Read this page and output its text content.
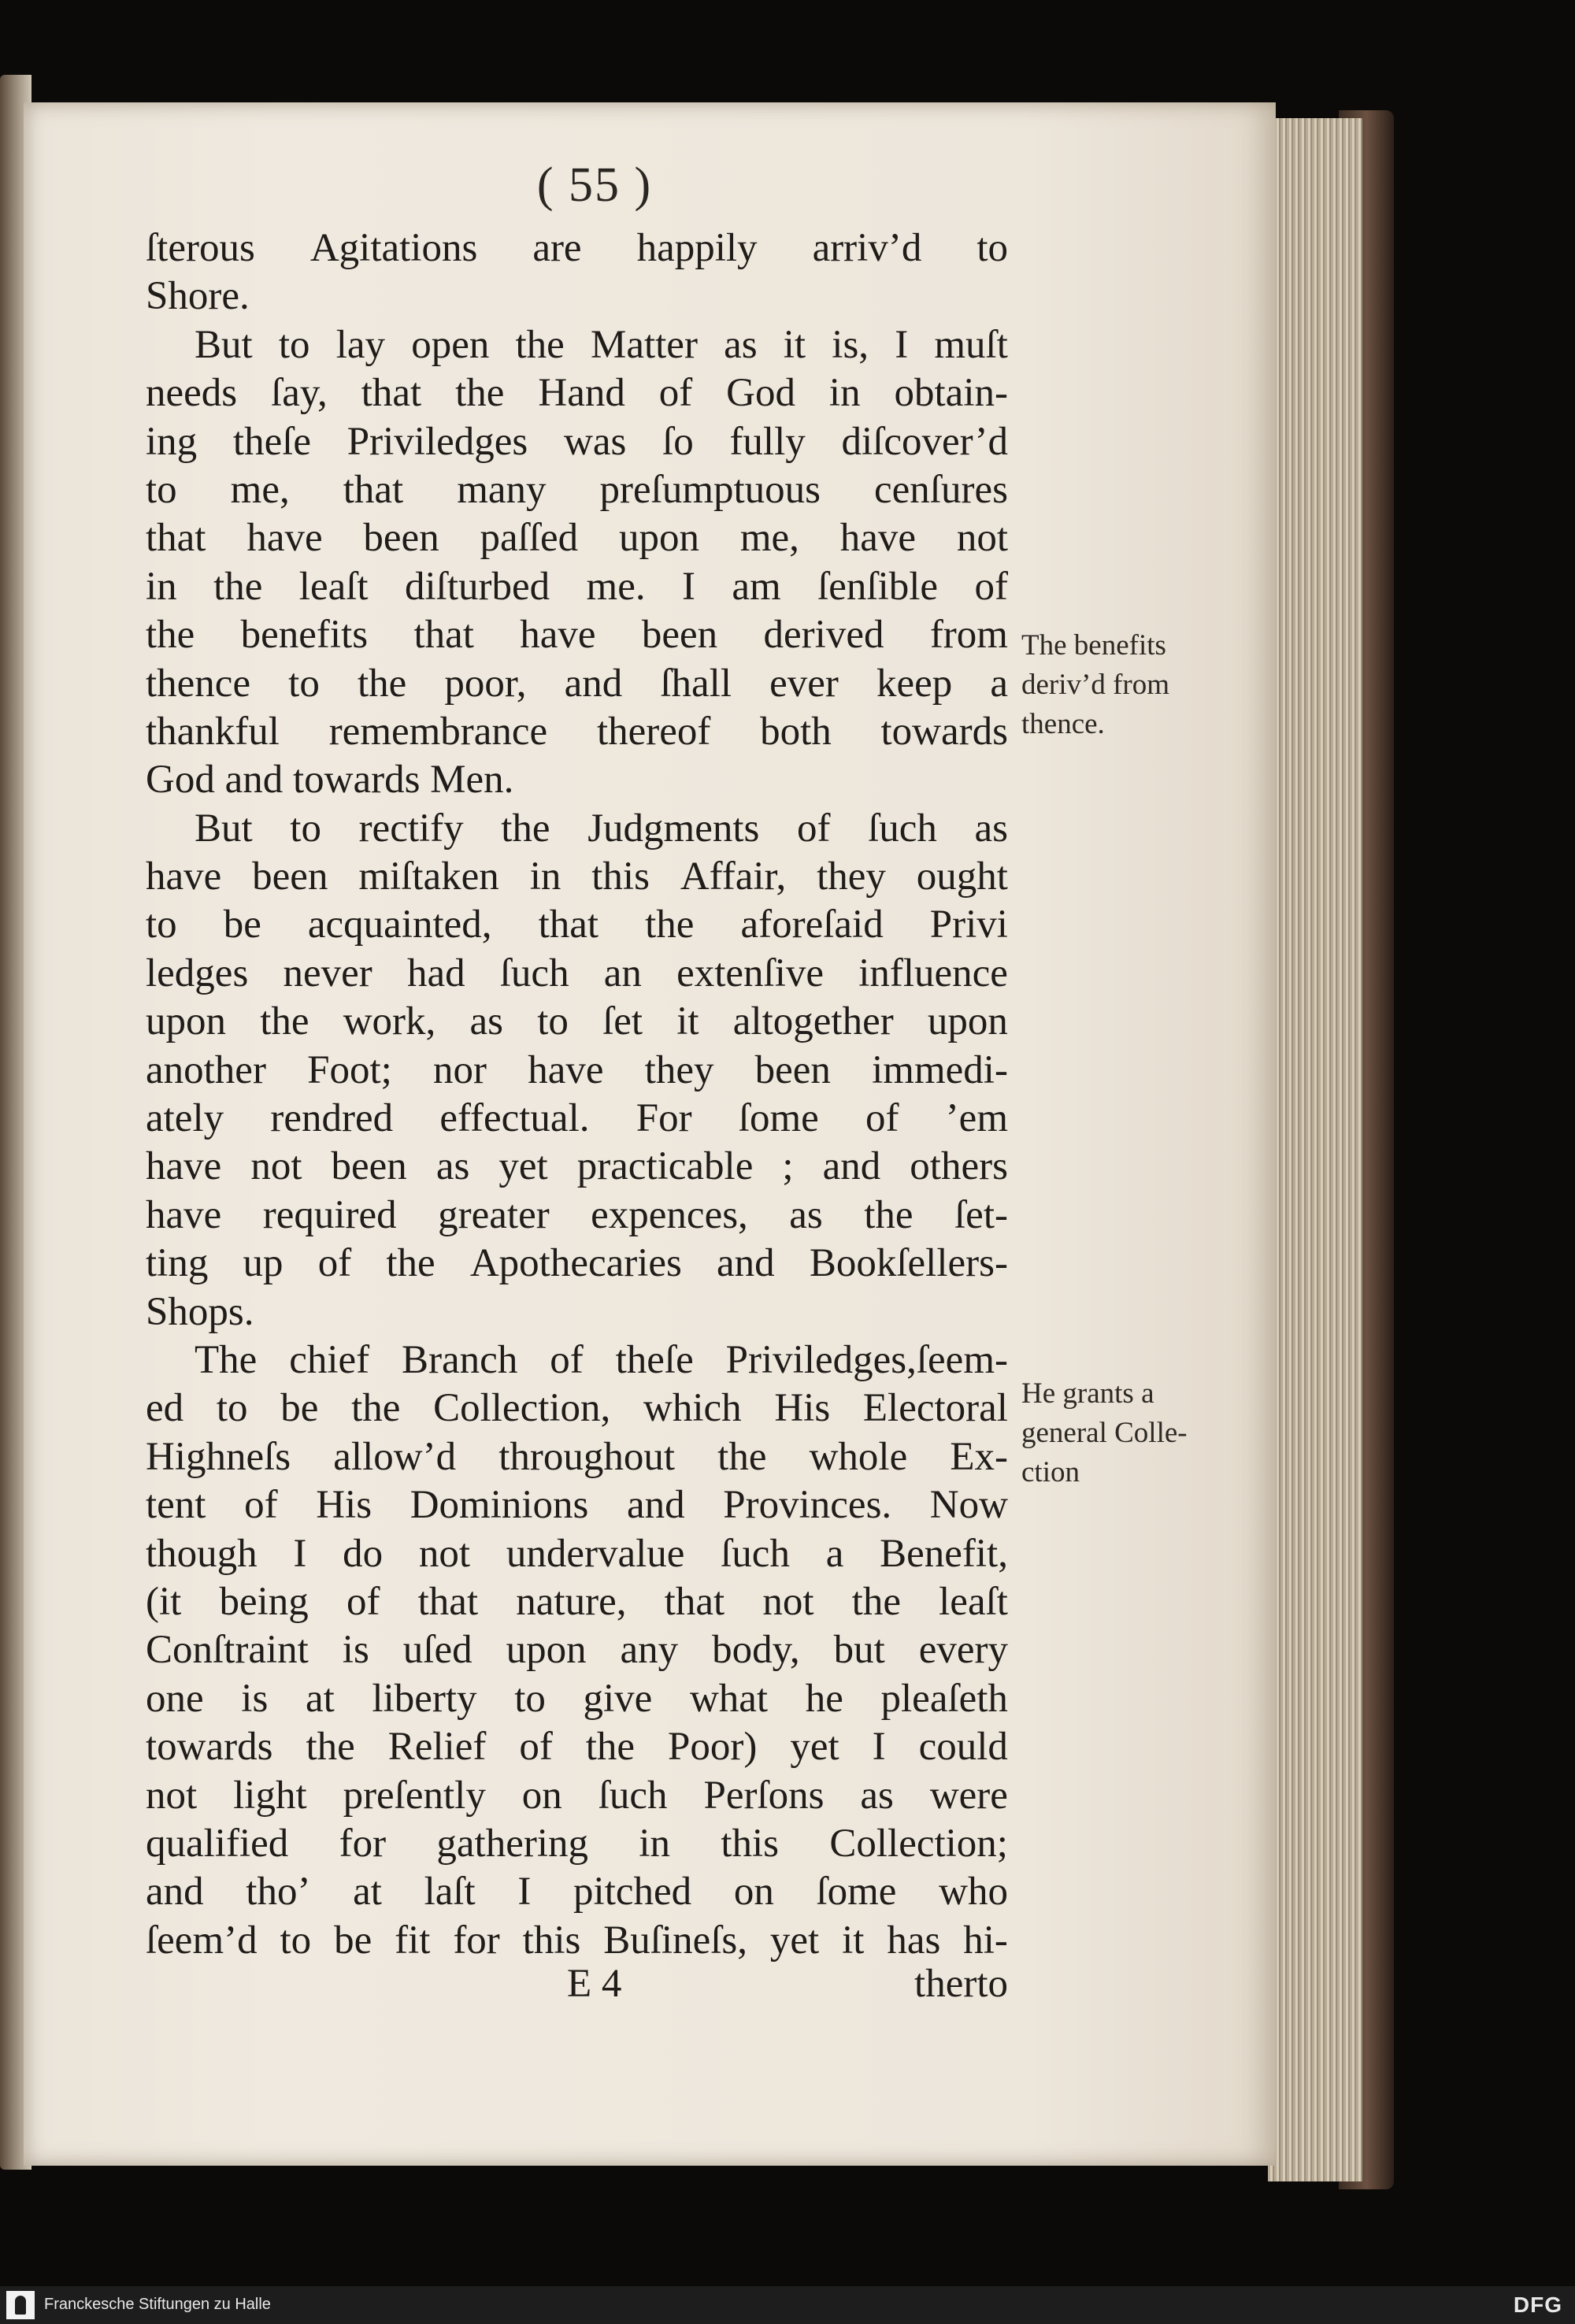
( 55 )
ſterous Agitations are happily arriv’d to
Shore.
But to lay open the Matter as it is, I muſt
needs ſay, that the Hand of God in obtain-
ing theſe Priviledges was ſo fully diſcover’d
to me, that many preſumptuous cenſures
that have been paſſed upon me, have not
in the leaſt diſturbed me. I am ſenſible of
the benefits that have been derived from
thence to the poor, and ſhall ever keep a
thankful remembrance thereof both towards
God and towards Men.
But to rectify the Judgments of ſuch as
have been miſtaken in this Affair, they ought
to be acquainted, that the aforeſaid Privi
ledges never had ſuch an extenſive influence
upon the work, as to ſet it altogether upon
another Foot; nor have they been immedi-
ately rendred effectual. For ſome of ’em
have not been as yet practicable ; and others
have required greater expences, as the ſet-
ting up of the Apothecaries and Bookſellers-
Shops.
The chief Branch of theſe Priviledges,ſeem-
ed to be the Collection, which His Electoral
Highneſs allow’d throughout the whole Ex-
tent of His Dominions and Provinces. Now
though I do not undervalue ſuch a Benefit,
(it being of that nature, that not the leaſt
Conſtraint is uſed upon any body, but every
one is at liberty to give what he pleaſeth
towards the Relief of the Poor) yet I could
not light preſently on ſuch Perſons as were
qualified for gathering in this Collection;
and tho’ at laſt I pitched on ſome who
ſeem’d to be fit for this Buſineſs, yet it has hi-
The benefits
deriv’d from
thence.
He grants a
general Colle-
ction
E 4	therto
Franckesche Stiftungen zu Halle	DFG
